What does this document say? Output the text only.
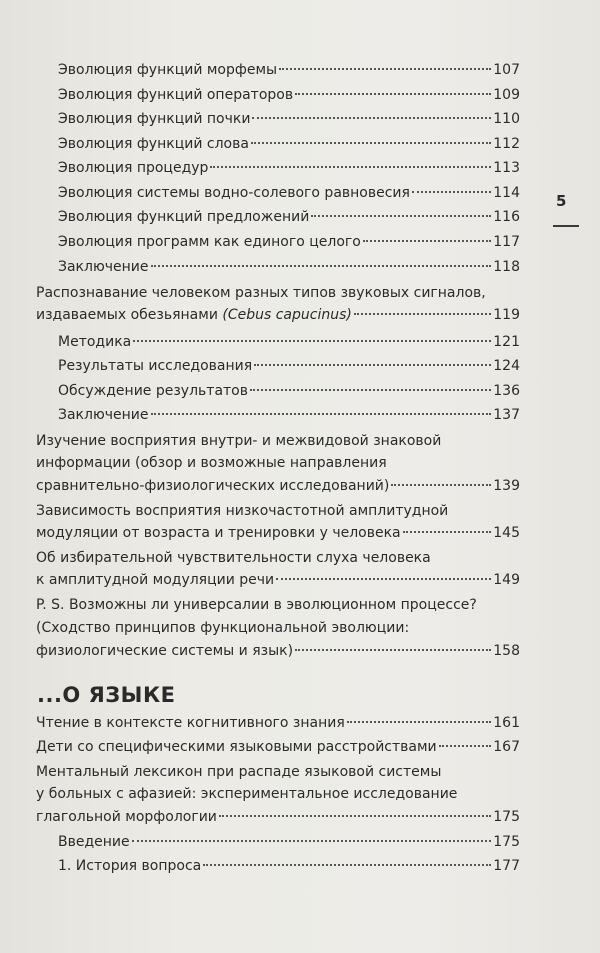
5
Эволюция функций морфемы	107
Эволюция функций операторов	109
Эволюция функций почки	110
Эволюция функций слова	112
Эволюция процедур	113
Эволюция системы водно-солевого равновесия	114
Эволюция функций предложений	116
Эволюция программ как единого целого	117
Заключение	118
Распознавание человеком разных типов звуковых сигналов,
издаваемых обезьянами (Cebus capucinus)	119
Методика	121
Результаты исследования	124
Обсуждение результатов	136
Заключение	137
Изучение восприятия внутри- и межвидовой знаковой
информации (обзор и возможные направления
сравнительно-физиологических исследований)	139
Зависимость восприятия низкочастотной амплитудной
модуляции от возраста и тренировки у человека	145
Об избирательной чувствительности слуха человека
к амплитудной модуляции речи	149
P. S. Возможны ли универсалии в эволюционном процессе?
(Сходство принципов функциональной эволюции:
физиологические системы и язык)	158
...О ЯЗЫКЕ
Чтение в контексте когнитивного знания	161
Дети со специфическими языковыми расстройствами	167
Ментальный лексикон при распаде языковой системы
у больных с афазией: экспериментальное исследование
глагольной морфологии	175
Введение	175
1. История вопроса	177
